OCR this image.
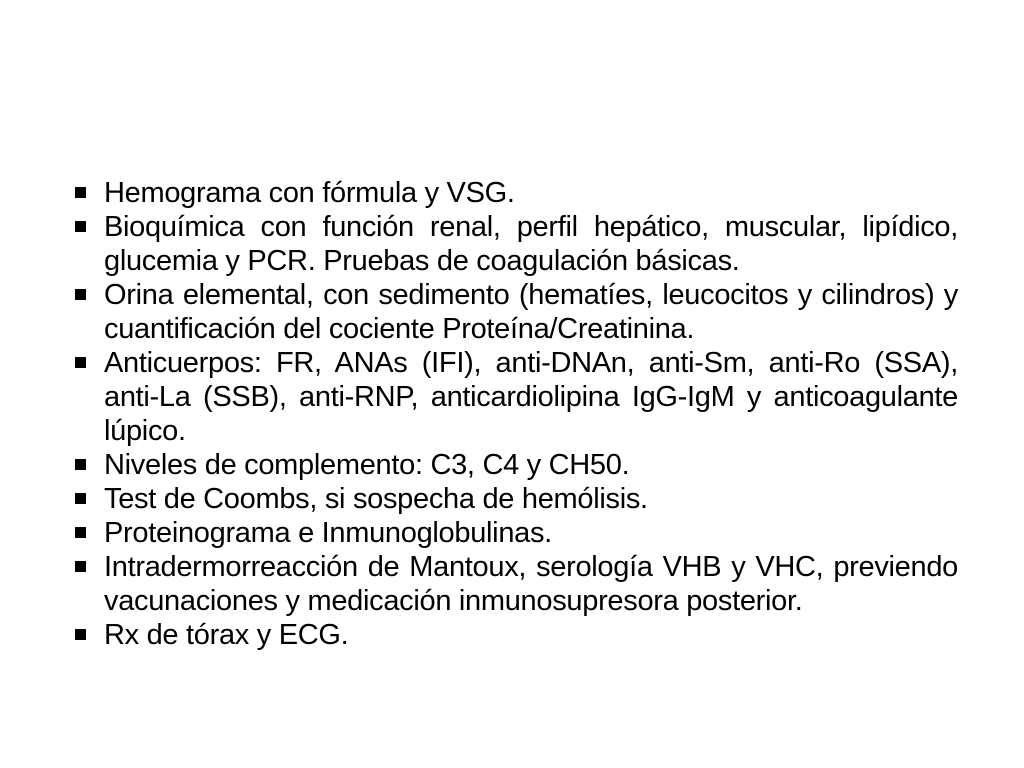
Hemograma con fórmula y VSG.
Bioquímica con función renal, perfil hepático, muscular, lipídico, glucemia y PCR. Pruebas de coagulación básicas.
Orina elemental, con sedimento (hematíes, leucocitos y cilindros) y cuantificación del cociente Proteína/Creatinina.
Anticuerpos: FR, ANAs (IFI), anti-DNAn, anti-Sm, anti-Ro (SSA), anti-La (SSB), anti-RNP, anticardiolipina IgG-IgM y anticoagulante lúpico.
Niveles de complemento: C3, C4 y CH50.
Test de Coombs, si sospecha de hemólisis.
Proteinograma e Inmunoglobulinas.
Intradermorreacción de Mantoux, serología VHB y VHC, previendo vacunaciones y medicación inmunosupresora posterior.
Rx de tórax y ECG.
